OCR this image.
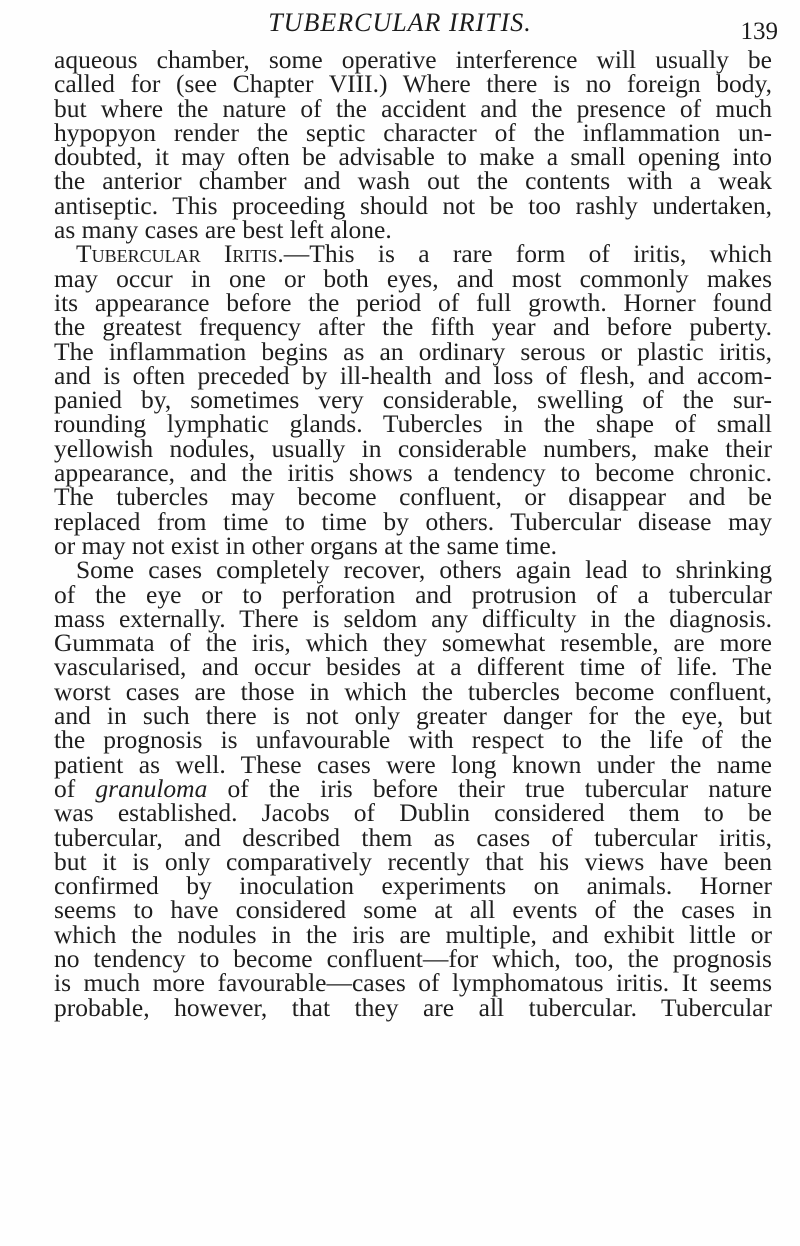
TUBERCULAR IRITIS.	139
aqueous chamber, some operative interference will usually be
called for (see Chapter VIII.) Where there is no foreign body,
but where the nature of the accident and the presence of much
hypopyon render the septic character of the inflammation un-
doubted, it may often be advisable to make a small opening into
the anterior chamber and wash out the contents with a weak
antiseptic. This proceeding should not be too rashly undertaken,
as many cases are best left alone.
Tubercular Iritis.—This is a rare form of iritis, which
may occur in one or both eyes, and most commonly makes
its appearance before the period of full growth. Horner found
the greatest frequency after the fifth year and before puberty.
The inflammation begins as an ordinary serous or plastic iritis,
and is often preceded by ill-health and loss of flesh, and accom-
panied by, sometimes very considerable, swelling of the sur-
rounding lymphatic glands. Tubercles in the shape of small
yellowish nodules, usually in considerable numbers, make their
appearance, and the iritis shows a tendency to become chronic.
The tubercles may become confluent, or disappear and be
replaced from time to time by others. Tubercular disease may
or may not exist in other organs at the same time.
Some cases completely recover, others again lead to shrinking
of the eye or to perforation and protrusion of a tubercular
mass externally. There is seldom any difficulty in the diagnosis.
Gummata of the iris, which they somewhat resemble, are more
vascularised, and occur besides at a different time of life. The
worst cases are those in which the tubercles become confluent,
and in such there is not only greater danger for the eye, but
the prognosis is unfavourable with respect to the life of the
patient as well. These cases were long known under the name
of granuloma of the iris before their true tubercular nature
was established. Jacobs of Dublin considered them to be
tubercular, and described them as cases of tubercular iritis,
but it is only comparatively recently that his views have been
confirmed by inoculation experiments on animals. Horner
seems to have considered some at all events of the cases in
which the nodules in the iris are multiple, and exhibit little or
no tendency to become confluent—for which, too, the prognosis
is much more favourable—cases of lymphomatous iritis. It seems
probable, however, that they are all tubercular. Tubercular
